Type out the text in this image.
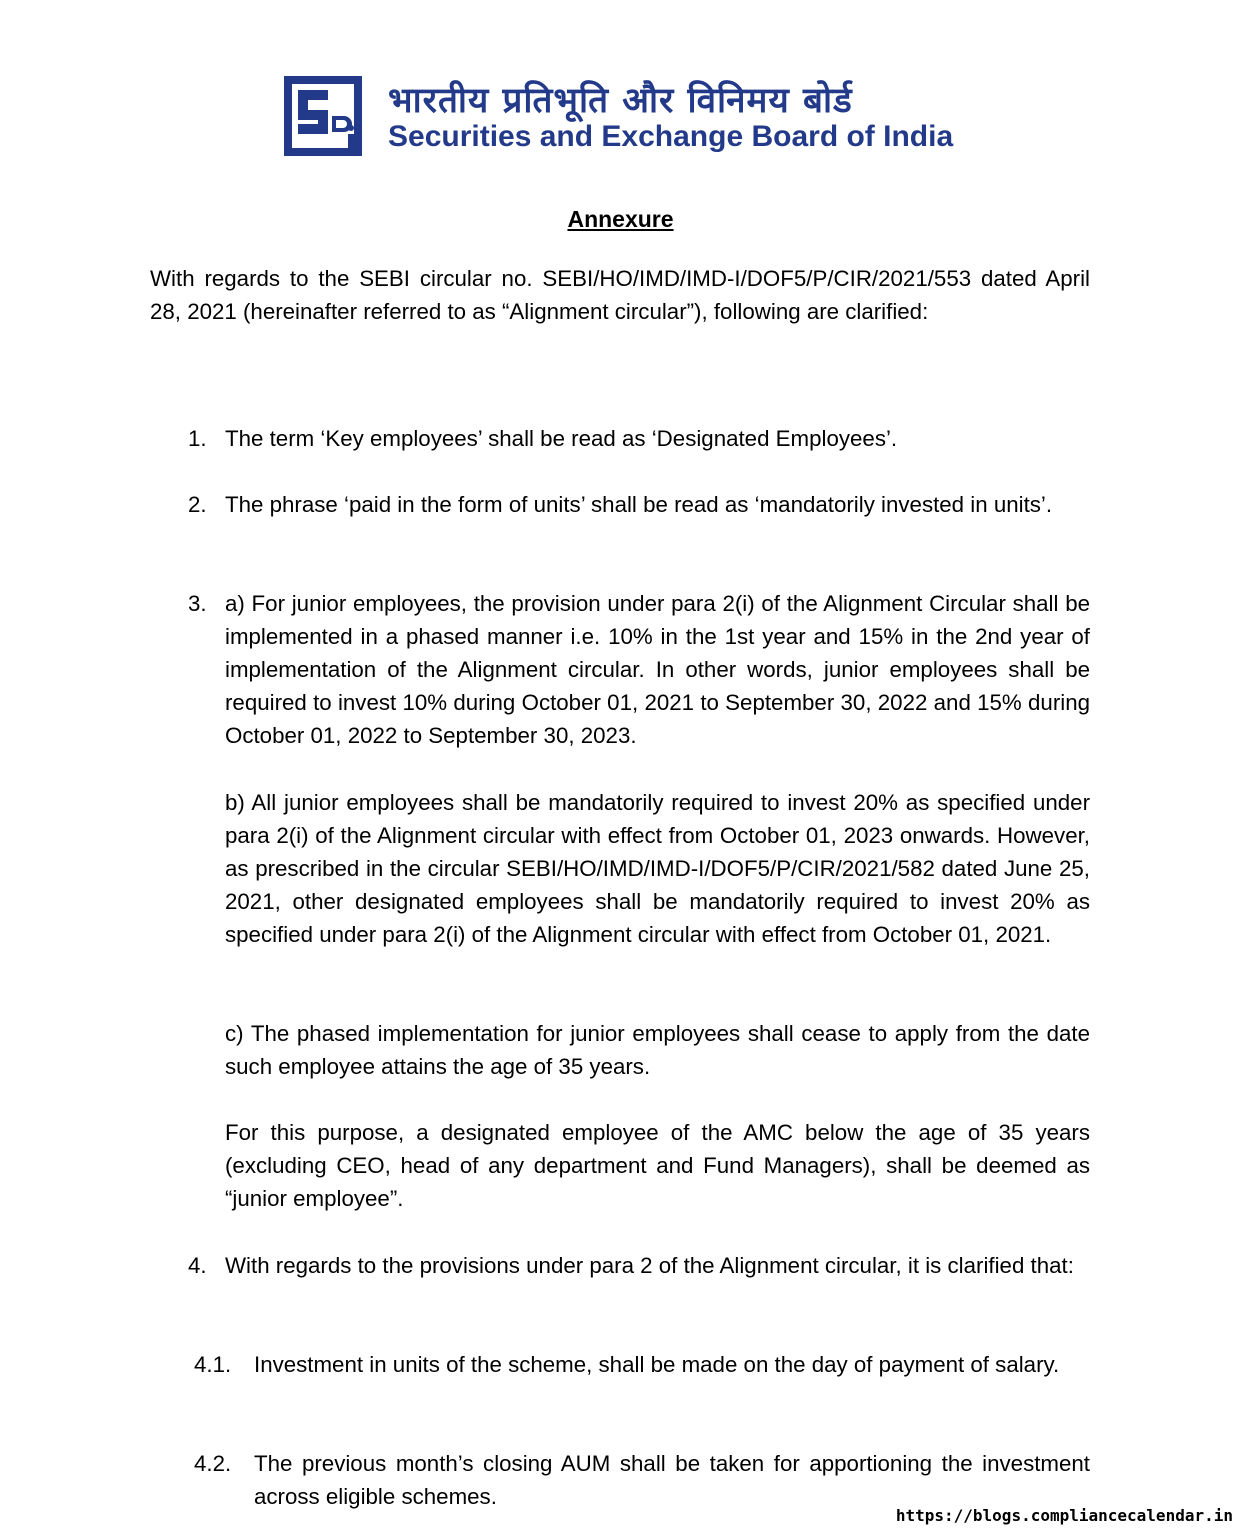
भारतीय प्रतिभूति और विनिमय बोर्ड
Securities and Exchange Board of India
Annexure

With regards to the SEBI circular no. SEBI/HO/IMD/IMD-I/DOF5/P/CIR/2021/553 dated April 28, 2021 (hereinafter referred to as “Alignment circular”), following are clarified:

1. The term ‘Key employees’ shall be read as ‘Designated Employees’.

2. The phrase ‘paid in the form of units’ shall be read as ‘mandatorily invested in units’.

3. a) For junior employees, the provision under para 2(i) of the Alignment Circular shall be implemented in a phased manner i.e. 10% in the 1st year and 15% in the 2nd year of implementation of the Alignment circular. In other words, junior employees shall be required to invest 10% during October 01, 2021 to September 30, 2022 and 15% during October 01, 2022 to September 30, 2023.

b) All junior employees shall be mandatorily required to invest 20% as specified under para 2(i) of the Alignment circular with effect from October 01, 2023 onwards. However, as prescribed in the circular SEBI/HO/IMD/IMD-I/DOF5/P/CIR/2021/582 dated June 25, 2021, other designated employees shall be mandatorily required to invest 20% as specified under para 2(i) of the Alignment circular with effect from October 01, 2021.

c) The phased implementation for junior employees shall cease to apply from the date such employee attains the age of 35 years.

For this purpose, a designated employee of the AMC below the age of 35 years (excluding CEO, head of any department and Fund Managers), shall be deemed as “junior employee”.

4. With regards to the provisions under para 2 of the Alignment circular, it is clarified that:

4.1. Investment in units of the scheme, shall be made on the day of payment of salary.

4.2. The previous month’s closing AUM shall be taken for apportioning the investment across eligible schemes.

https://blogs.compliancecalendar.in
